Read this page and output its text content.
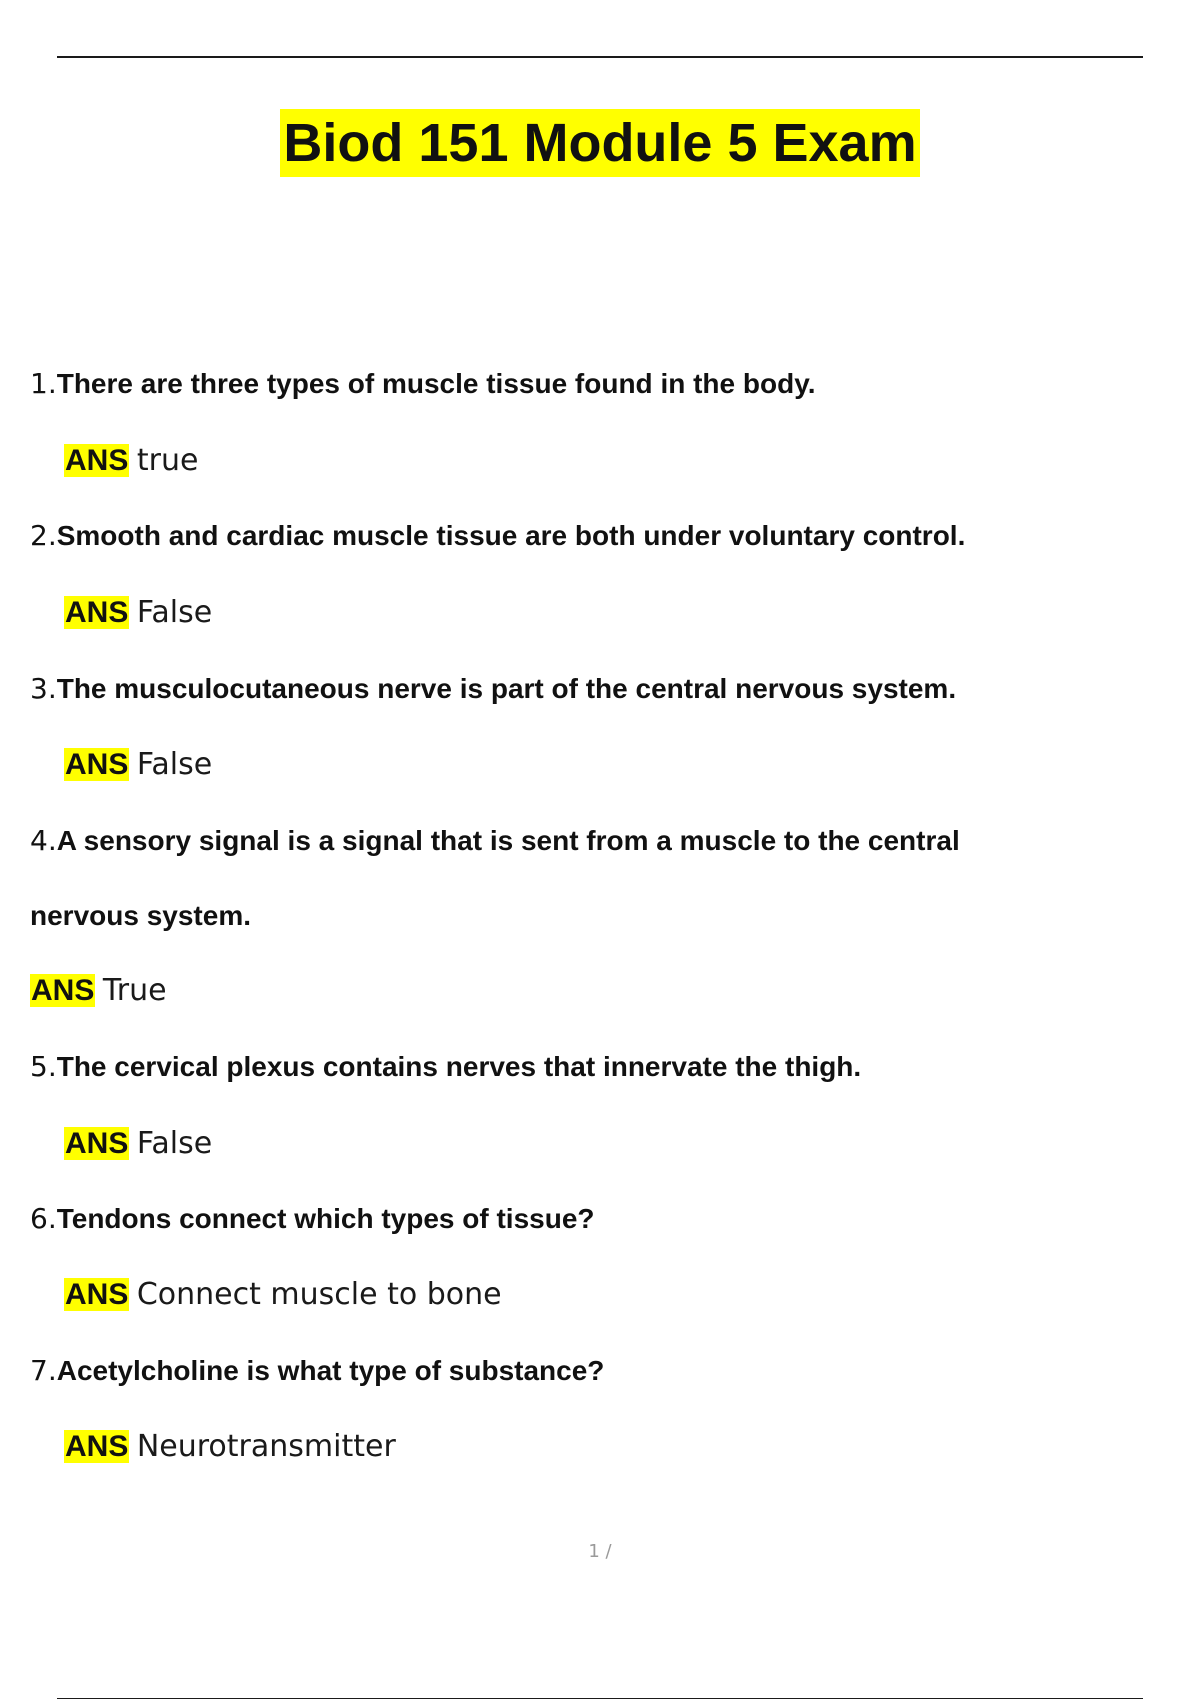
Biod 151 Module 5 Exam
1.There are three types of muscle tissue found in the body.
ANS true
2.Smooth and cardiac muscle tissue are both under voluntary control.
ANS False
3.The musculocutaneous nerve is part of the central nervous system.
ANS False
4.A sensory signal is a signal that is sent from a muscle to the central
nervous system.
ANS True
5.The cervical plexus contains nerves that innervate the thigh.
ANS False
6.Tendons connect which types of tissue?
ANS Connect muscle to bone
7.Acetylcholine is what type of substance?
ANS Neurotransmitter
1 /
